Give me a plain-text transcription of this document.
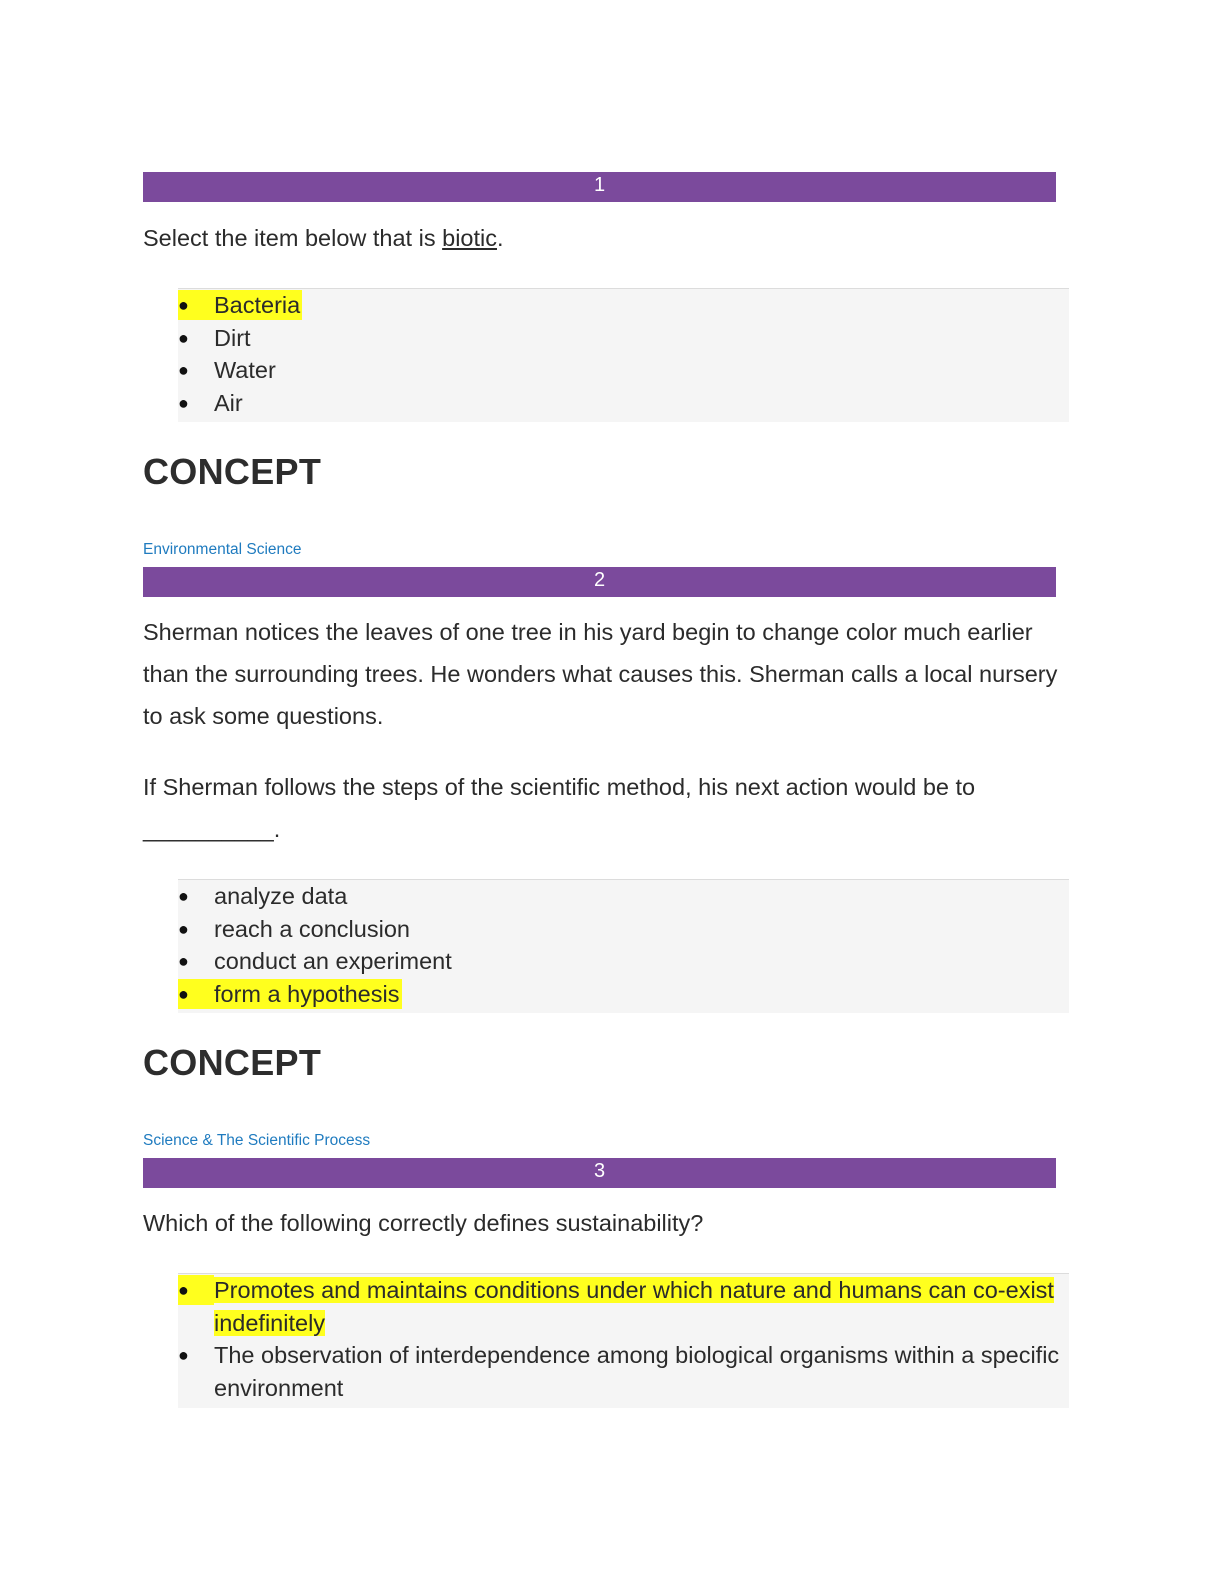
1

Select the item below that is biotic.

●	Bacteria
●	Dirt
●	Water
●	Air
CONCEPT

Environmental Science

2

Sherman notices the leaves of one tree in his yard begin to change color much earlier than the surrounding trees. He wonders what causes this. Sherman calls a local nursery to ask some questions.

If Sherman follows the steps of the scientific method, his next action would be to __________.

●	analyze data
●	reach a conclusion
●	conduct an experiment
●	form a hypothesis
CONCEPT

Science & The Scientific Process

3

Which of the following correctly defines sustainability?

●	Promotes and maintains conditions under which nature and humans can co-exist indefinitely
●	The observation of interdependence among biological organisms within a specific environment
